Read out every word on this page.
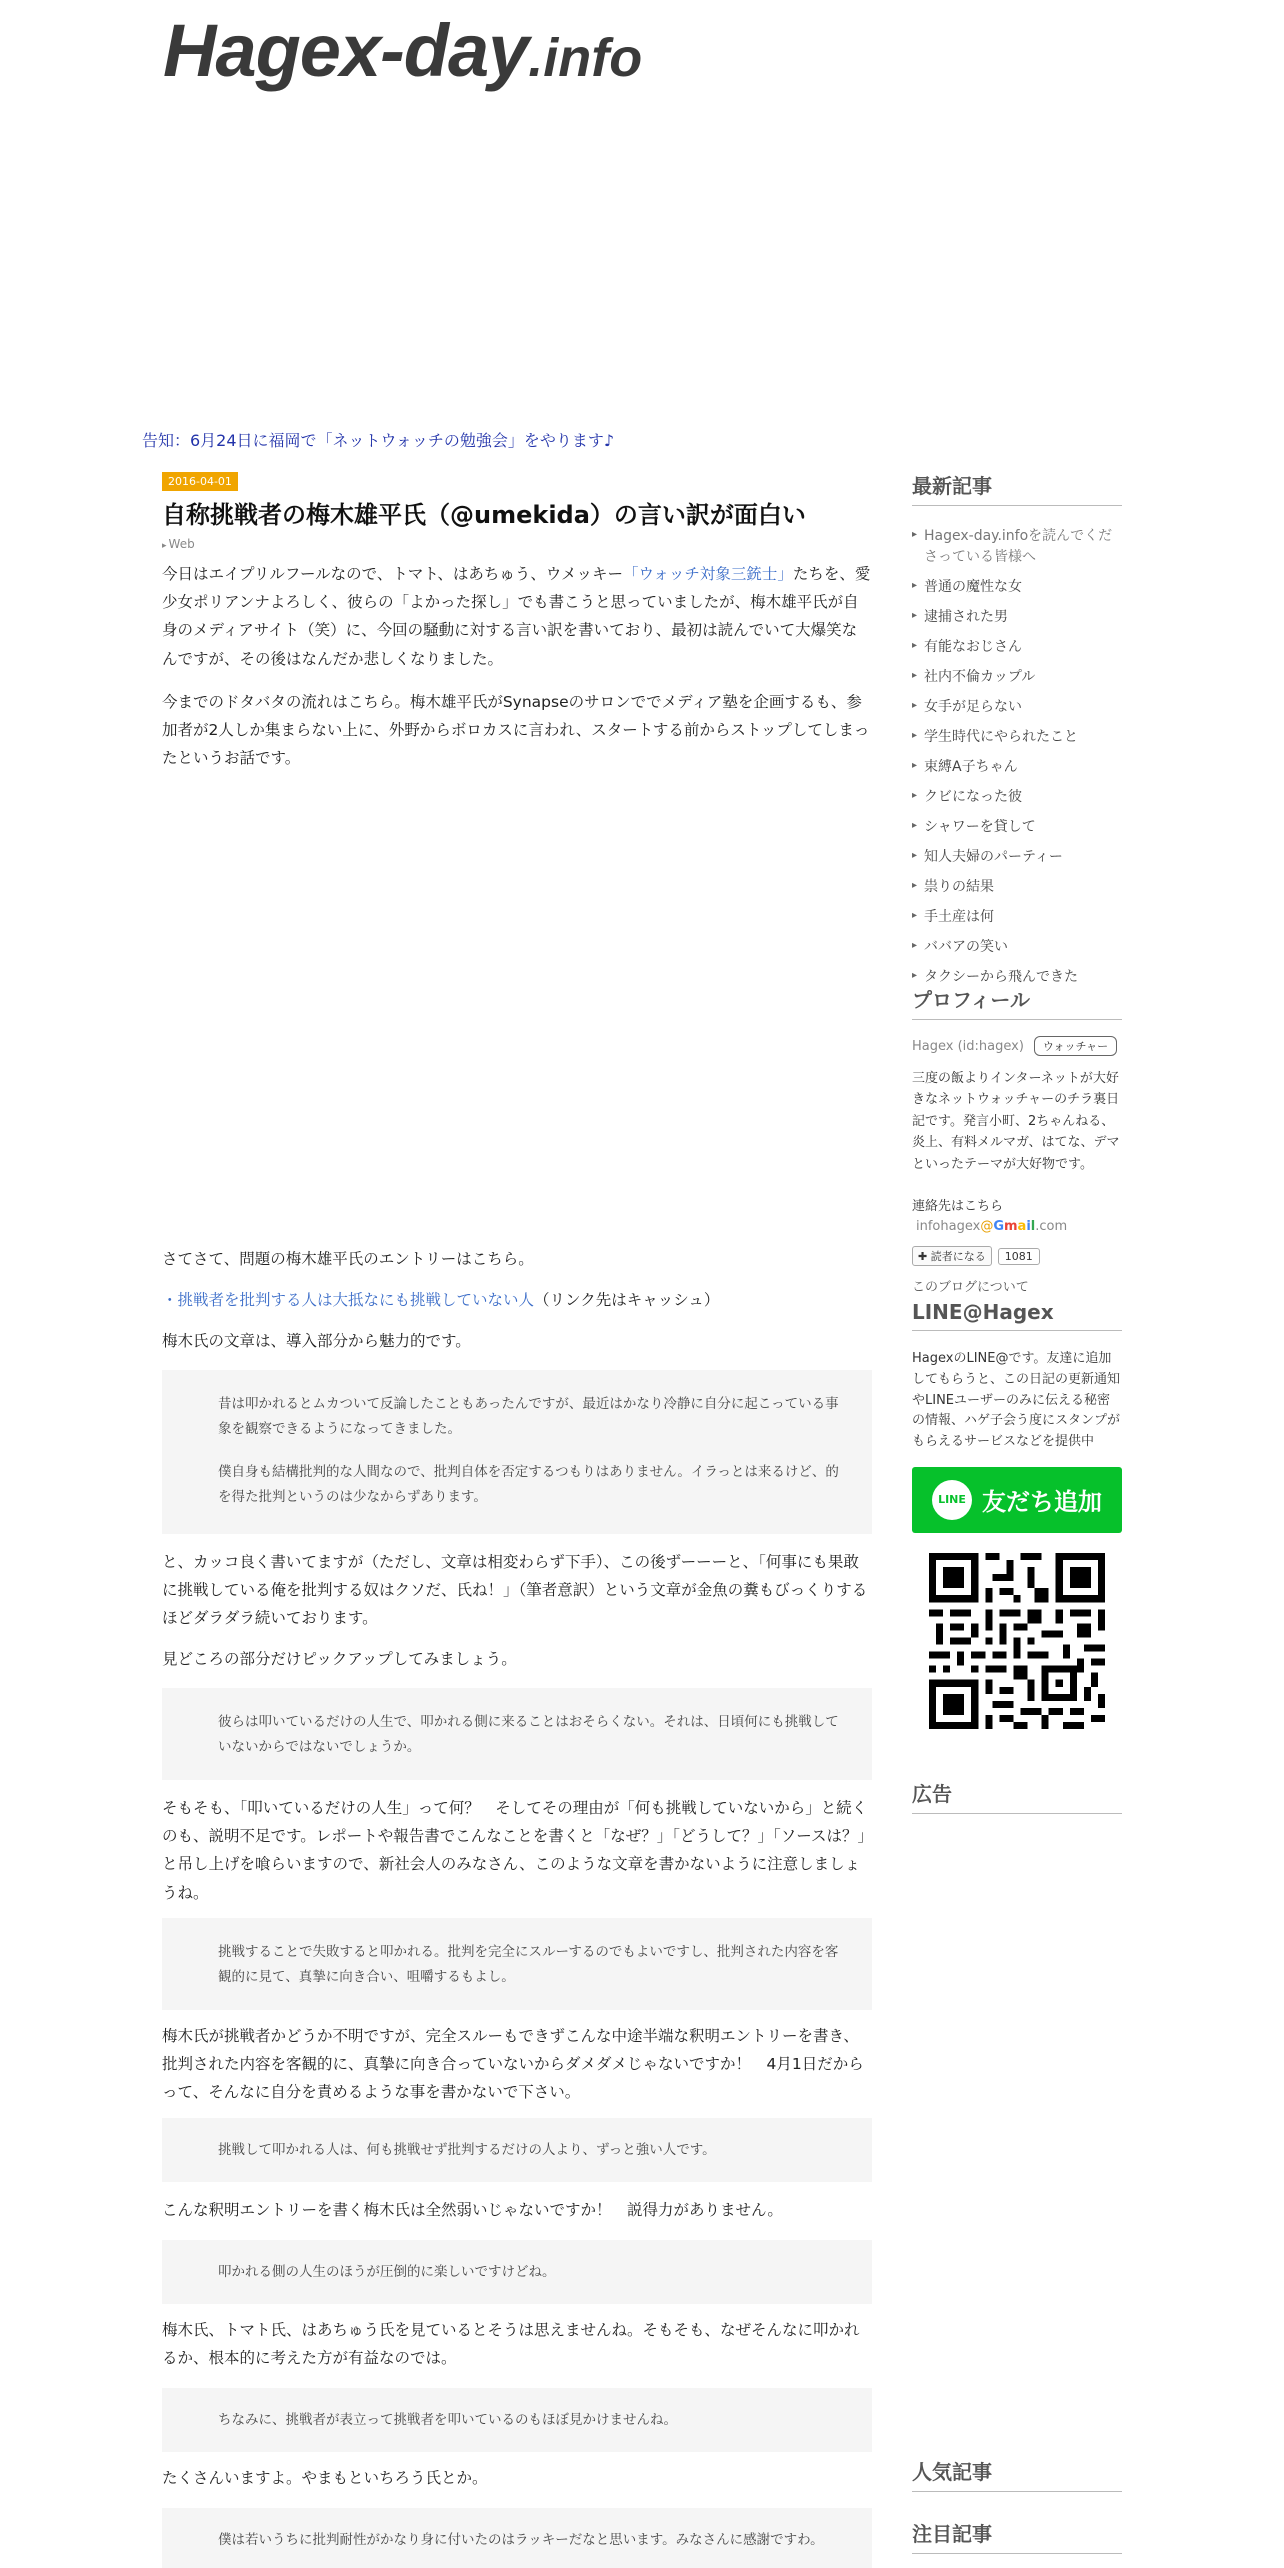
Hagex-day.info
告知：6月24日に福岡で「ネットウォッチの勉強会」をやります♪
2016-04-01
自称挑戦者の梅木雄平氏（@umekida）の言い訳が面白い
▸ Web

今日はエイプリルフールなので、トマト、はあちゅう、ウメッキー「ウォッチ対象三銃士」たちを、愛少女ポリアンナよろしく、彼らの「よかった探し」でも書こうと思っていましたが、梅木雄平氏が自身のメディアサイト（笑）に、今回の騒動に対する言い訳を書いており、最初は読んでいて大爆笑なんですが、その後はなんだか悲しくなりました。

今までのドタバタの流れはこちら。梅木雄平氏がSynapseのサロンででメディア塾を企画するも、参加者が2人しか集まらない上に、外野からボロカスに言われ、スタートする前からストップしてしまったというお話です。

さてさて、問題の梅木雄平氏のエントリーはこちら。

・挑戦者を批判する人は大抵なにも挑戦していない人（リンク先はキャッシュ）

梅木氏の文章は、導入部分から魅力的です。

昔は叩かれるとムカついて反論したこともあったんですが、最近はかなり冷静に自分に起こっている事象を観察できるようになってきました。

僕自身も結構批判的な人間なので、批判自体を否定するつもりはありません。イラっとは来るけど、的を得た批判というのは少なからずあります。

と、カッコ良く書いてますが（ただし、文章は相変わらず下手）、この後ずーーーと、「何事にも果敢に挑戦している俺を批判する奴はクソだ、氏ね！」（筆者意訳）という文章が金魚の糞もびっくりするほどダラダラ続いております。

見どころの部分だけピックアップしてみましょう。

彼らは叩いているだけの人生で、叩かれる側に来ることはおそらくない。それは、日頃何にも挑戦していないからではないでしょうか。

そもそも、「叩いているだけの人生」って何？　そしてその理由が「何も挑戦していないから」と続くのも、説明不足です。レポートや報告書でこんなことを書くと「なぜ？」「どうして？」「ソースは？」と吊し上げを喰らいますので、新社会人のみなさん、このような文章を書かないように注意しましょうね。

挑戦することで失敗すると叩かれる。批判を完全にスルーするのでもよいですし、批判された内容を客観的に見て、真摯に向き合い、咀嚼するもよし。

梅木氏が挑戦者かどうか不明ですが、完全スルーもできずこんな中途半端な釈明エントリーを書き、批判された内容を客観的に、真摯に向き合っていないからダメダメじゃないですか！　4月1日だからって、そんなに自分を責めるような事を書かないで下さい。

挑戦して叩かれる人は、何も挑戦せず批判するだけの人より、ずっと強い人です。

こんな釈明エントリーを書く梅木氏は全然弱いじゃないですか！　説得力がありません。

叩かれる側の人生のほうが圧倒的に楽しいですけどね。

梅木氏、トマト氏、はあちゅう氏を見ているとそうは思えませんね。そもそも、なぜそんなに叩かれるか、根本的に考えた方が有益なのでは。

ちなみに、挑戦者が表立って挑戦者を叩いているのもほぼ見かけませんね。

たくさんいますよ。やまもといちろう氏とか。

僕は若いうちに批判耐性がかなり身に付いたのはラッキーだなと思います。みなさんに感謝ですわ。

最新記事
▸ Hagex-day.infoを読んでくださっている皆様へ
▸ 普通の魔性な女
▸ 逮捕された男
▸ 有能なおじさん
▸ 社内不倫カップル
▸ 女手が足らない
▸ 学生時代にやられたこと
▸ 束縛A子ちゃん
▸ クビになった彼
▸ シャワーを貸して
▸ 知人夫婦のパーティー
▸ 祟りの結果
▸ 手土産は何
▸ ババアの笑い
▸ タクシーから飛んできた
プロフィール
Hagex (id:hagex)	ウォッチャー

三度の飯よりインターネットが大好きなネットウォッチャーのチラ裏日記です。発言小町、2ちゃんねる、炎上、有料メルマガ、はてな、デマといったテーマが大好物です。

連絡先はこちら
infohagex@Gmail.com
✚ 読者になる	1081
このブログについて
LINE@Hagex

HagexのLINE@です。友達に追加してもらうと、この日記の更新通知やLINEユーザーのみに伝える秘密の情報、ハゲ子会う度にスタンプがもらえるサービスなどを提供中

LINE 友だち追加
広告
人気記事
注目記事
